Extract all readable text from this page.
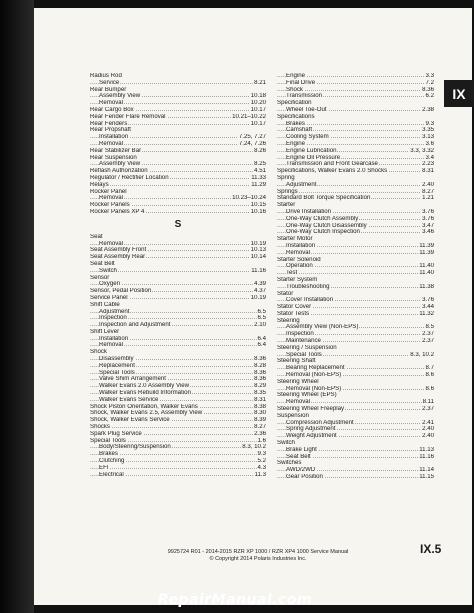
IX
Radius Rod
..... Service	8.21
Rear Bumper
..... Assembly View	10.18
..... Removal	10.20
..... Rear Cargo Box	10.17
..... Rear Fender Flare Removal	10.21–10.22
..... Rear Fenders	10.17
Rear Propshaft
..... Installation	7.25, 7.27
..... Removal	7.24, 7.26
..... Rear Stabilizer Bar	8.26
Rear Suspension
..... Assembly View	8.25
..... Reflash Authorization	4.51
..... Regulator / Rectifier Location	11.33
..... Relays	11.29
Rocker Panel
..... Removal	10.23–10.24
..... Rocker Panels	10.15
..... Rocker Panels XP 4	10.16
S
Seat
..... Removal	10.19
..... Seat Assembly Front	10.13
..... Seat Assembly Rear	10.14
Seat Belt
..... Switch	11.16
Sensor
..... Oxygen	4.39
..... Sensor, Pedal Position	4.37
..... Service Panel	10.19
Shift Cable
..... Adjustment	6.5
..... Inspection	6.5
..... Inspection and Adjustment	2.10
Shift Lever
..... Installation	6.4
..... Removal	6.4
Shock
..... Disassembly	8.36
..... Replacement	8.28
..... Special Tools	8.36
..... Valve Shim Arrangement	8.36
..... Walker Evans 2.0 Assembly View	8.29
..... Walker Evans Rebuild Information	8.35
..... Walker Evans Service	8.31
..... Shock Piston Orientation, Walker Evans	8.38
..... Shock, Walker Evans 2.5, Assembly View	8.30
..... Shock, Walker Evans Service	8.39
..... Shocks	8.27
..... Spark Plug Service	2.36
..... Special Tools	1.6
..... Body/Steering/Suspension	8.3, 10.2
..... Brakes	9.3
..... Clutching	5.2
..... EFI	4.3
..... Electrical	11.3
..... Engine	3.3
..... Final Drive	7.2
..... Shock	8.36
..... Transmission	6.2
Specification
..... Wheel Toe-Out	2.38
Specifications
..... Brakes	9.3
..... Camshaft	3.35
..... Cooling System	3.13
..... Engine	3.6
..... Engine Lubrication	3.3, 3.32
..... Engine Oil Pressure	3.4
..... Transmission and Front Gearcase	2.23
..... Specifications, Walker Evans 2.0 Shocks	8.31
Spring
..... Adjustment	2.40
..... Springs	8.27
..... Standard Bolt Torque Specification	1.21
Starter
..... Drive Installation	3.76
..... One-Way Clutch Assembly	3.76
..... One-Way Clutch Disassembly	3.47
..... One-Way Clutch Inspection	3.46
Starter Motor
..... Installation	11.39
..... Removal	11.39
Starter Solenoid
..... Operation	11.40
..... Test	11.40
Starter System
..... Troubleshooting	11.38
Stator
..... Cover Installation	3.76
..... Stator Cover	3.44
..... Stator Tests	11.32
Steering
..... Assembly View (Non-EPS)	8.5
..... Inspection	2.37
..... Maintenance	2.37
Steering / Suspension
..... Special Tools	8.3, 10.2
Steering Shaft
..... Bearing Replacement	8.7
..... Removal (Non-EPS)	8.6
Steering Wheel
..... Removal (Non-EPS)	8.6
Steering Wheel (EPS)
..... Removal	8.11
..... Steering Wheel Freeplay	2.37
Suspension
..... Compression Adjustment	2.41
..... Spring Adjustment	2.40
..... Weight Adjustment	2.40
Switch
..... Brake Light	11.13
..... Seat Belt	11.16
Switches
..... AWD/2WD	11.14
..... Gear Position	11.15
9925724 R01 - 2014-2015 RZR XP 1000 / RZR XP4 1000 Service Manual
© Copyright 2014 Polaris Industries Inc.
IX.5
RepairManual.com
